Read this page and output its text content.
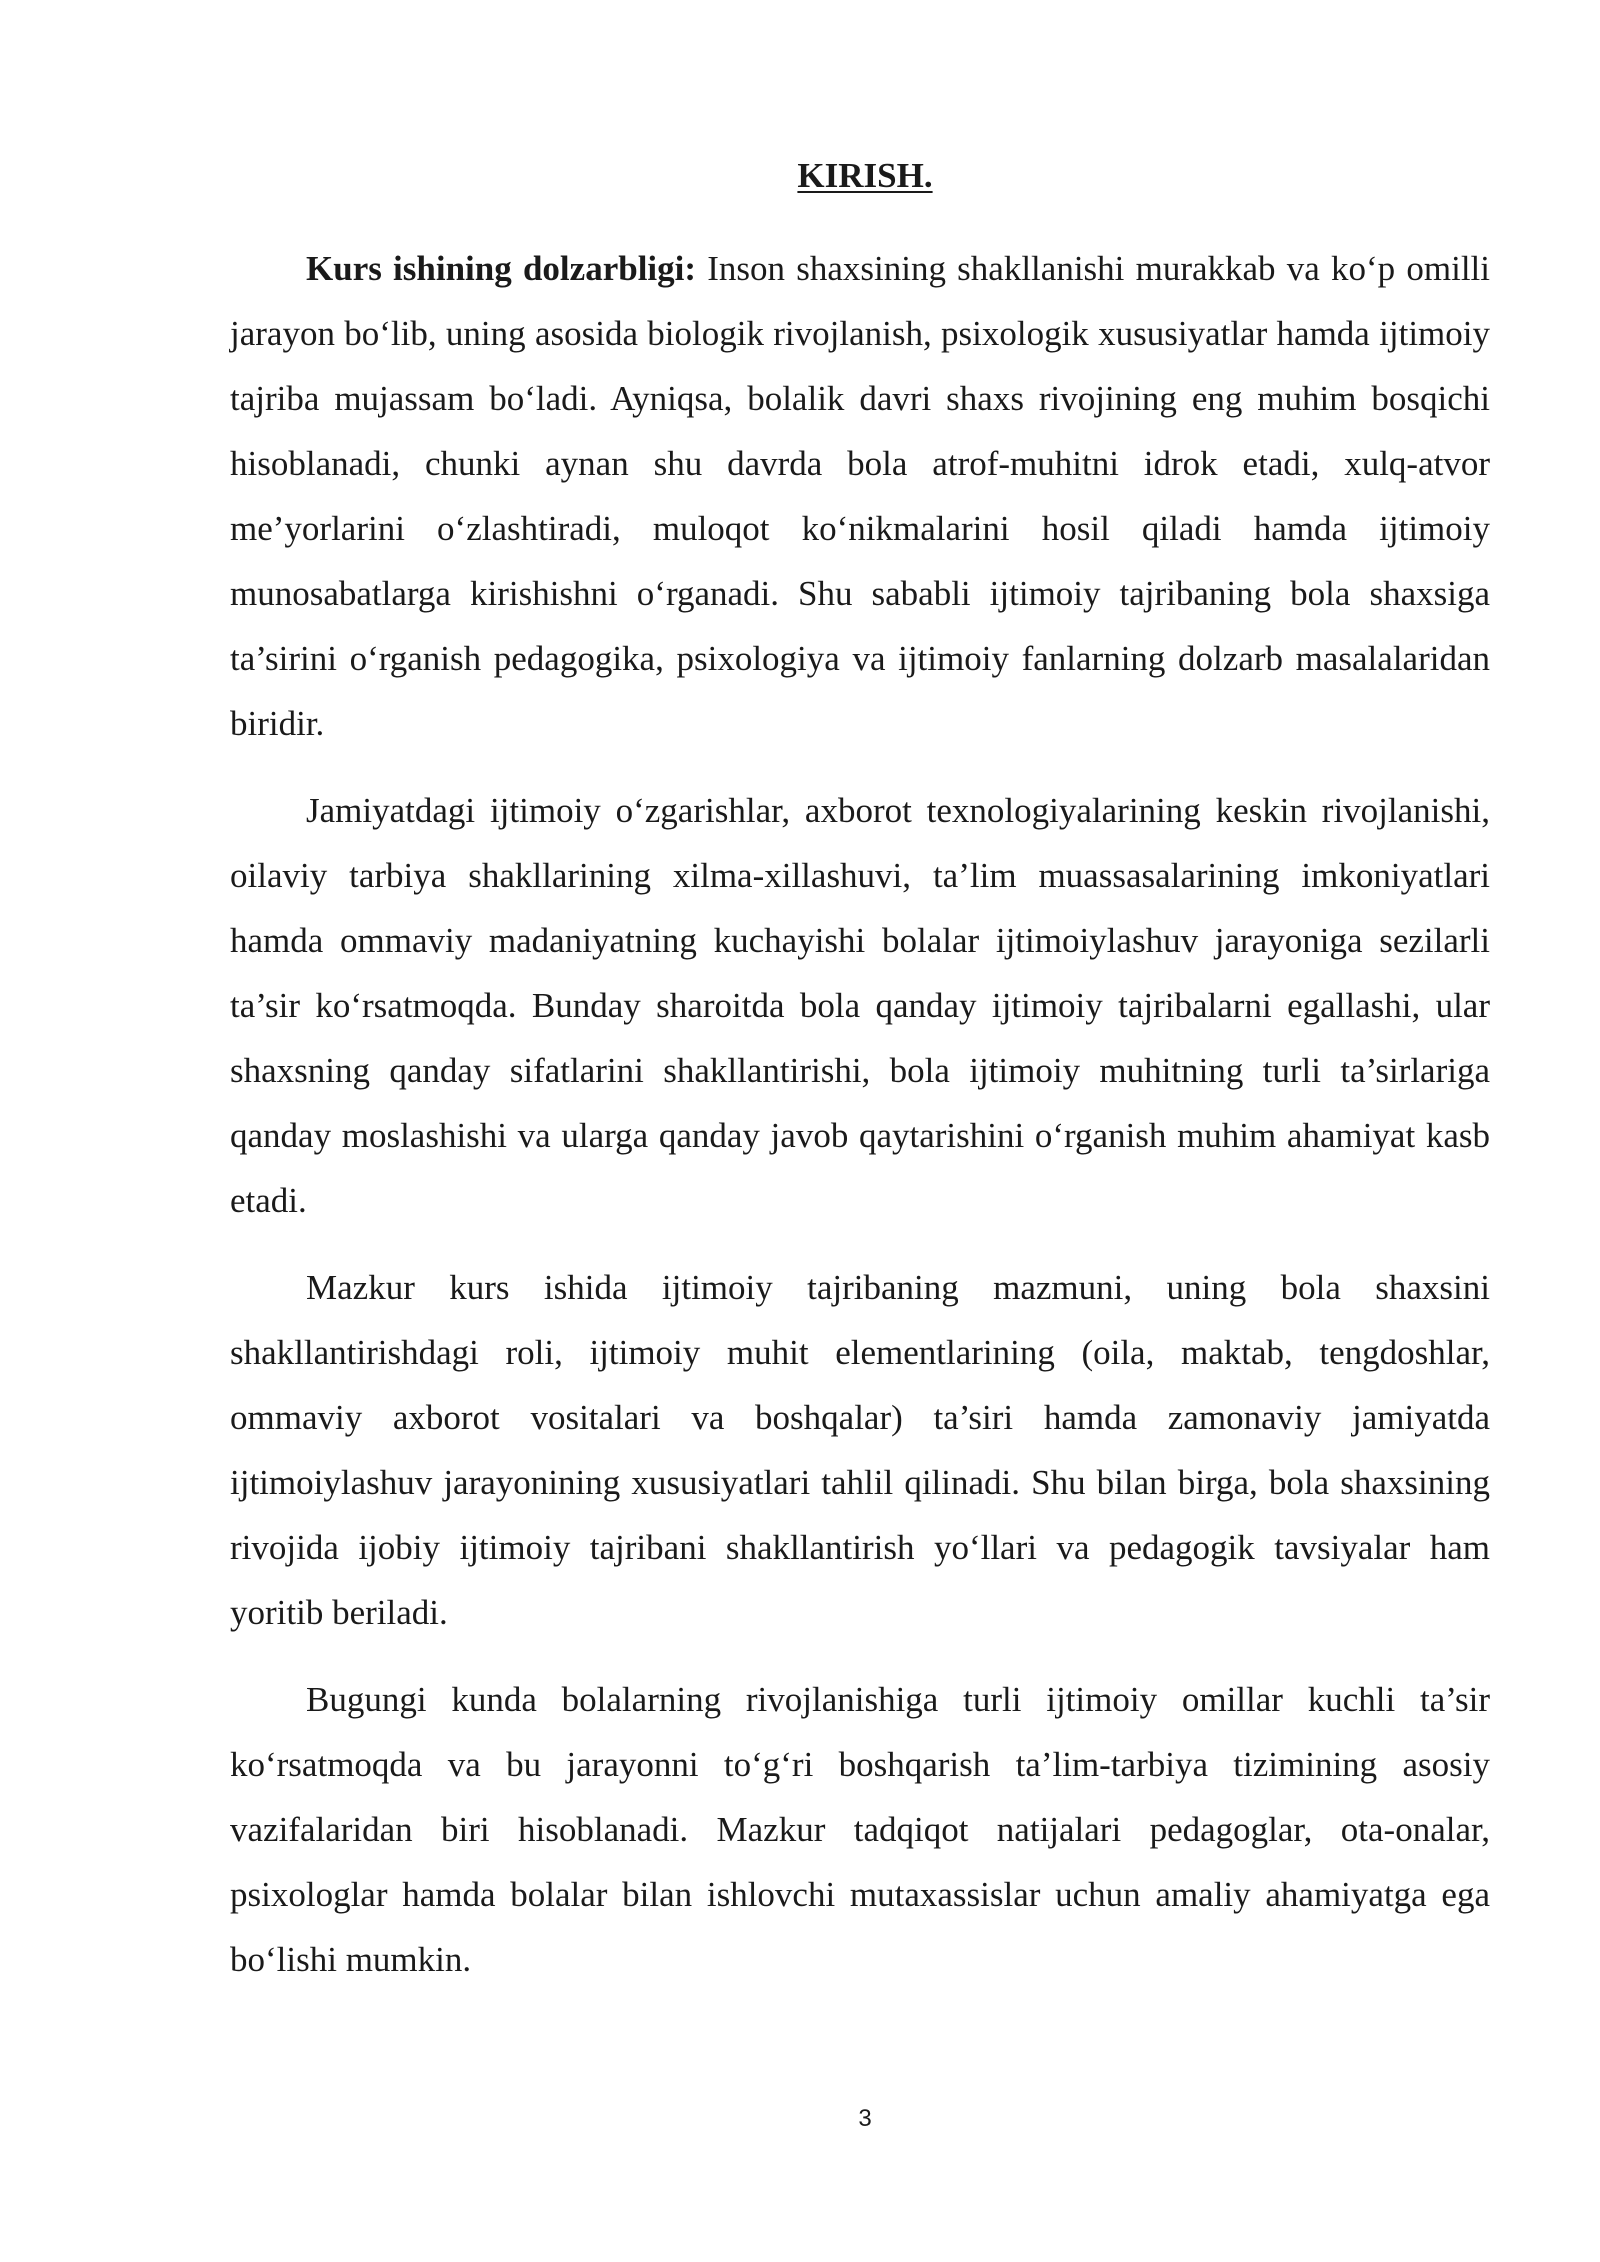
KIRISH.

Kurs ishining dolzarbligi: Inson shaxsining shakllanishi murakkab va ko‘p omilli jarayon bo‘lib, uning asosida biologik rivojlanish, psixologik xususiyatlar hamda ijtimoiy tajriba mujassam bo‘ladi. Ayniqsa, bolalik davri shaxs rivojining eng muhim bosqichi hisoblanadi, chunki aynan shu davrda bola atrof-muhitni idrok etadi, xulq-atvor me’yorlarini o‘zlashtiradi, muloqot ko‘nikmalarini hosil qiladi hamda ijtimoiy munosabatlarga kirishishni o‘rganadi. Shu sababli ijtimoiy tajribaning bola shaxsiga ta’sirini o‘rganish pedagogika, psixologiya va ijtimoiy fanlarning dolzarb masalalaridan biridir.

Jamiyatdagi ijtimoiy o‘zgarishlar, axborot texnologiyalarining keskin rivojlanishi, oilaviy tarbiya shakllarining xilma-xillashuvi, ta’lim muassasalarining imkoniyatlari hamda ommaviy madaniyatning kuchayishi bolalar ijtimoiylashuv jarayoniga sezilarli ta’sir ko‘rsatmoqda. Bunday sharoitda bola qanday ijtimoiy tajribalarni egallashi, ular shaxsning qanday sifatlarini shakllantirishi, bola ijtimoiy muhitning turli ta’sirlariga qanday moslashishi va ularga qanday javob qaytarishini o‘rganish muhim ahamiyat kasb etadi.

Mazkur kurs ishida ijtimoiy tajribaning mazmuni, uning bola shaxsini shakllantirishdagi roli, ijtimoiy muhit elementlarining (oila, maktab, tengdoshlar, ommaviy axborot vositalari va boshqalar) ta’siri hamda zamonaviy jamiyatda ijtimoiylashuv jarayonining xususiyatlari tahlil qilinadi. Shu bilan birga, bola shaxsining rivojida ijobiy ijtimoiy tajribani shakllantirish yo‘llari va pedagogik tavsiyalar ham yoritib beriladi.

Bugungi kunda bolalarning rivojlanishiga turli ijtimoiy omillar kuchli ta’sir ko‘rsatmoqda va bu jarayonni to‘g‘ri boshqarish ta’lim-tarbiya tizimining asosiy vazifalaridan biri hisoblanadi. Mazkur tadqiqot natijalari pedagoglar, ota-onalar, psixologlar hamda bolalar bilan ishlovchi mutaxassislar uchun amaliy ahamiyatga ega bo‘lishi mumkin.

3
